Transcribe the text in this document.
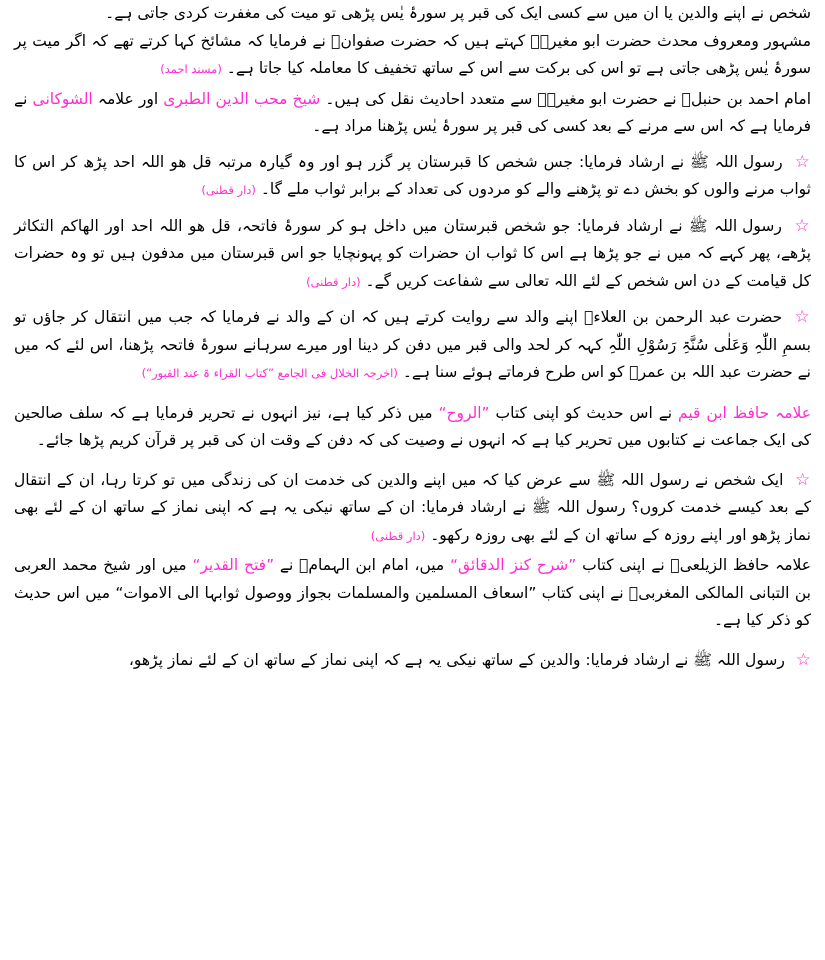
شخص نے اپنے والدین یا ان میں سے کسی ایک کی قبر پر سورۂ یٰس پڑھی تو میت کی مغفرت کردی جاتی ہے۔

مشہور ومعروف محدث حضرت ابو مغیرہؒ کہتے ہیں کہ حضرت صفوانؒ نے فرمایا کہ مشائخ کہا کرتے تھے کہ اگر میت پر سورۂ یٰس پڑھی جاتی ہے تو اس کی برکت سے اس کے ساتھ تخفیف کا معاملہ کیا جاتا ہے۔ (مسند احمد)

امام احمد بن حنبلؒ نے حضرت ابو مغیرہؒ سے متعدد احادیث نقل کی ہیں۔ شیخ محب الدین الطبری اور علامہ الشوکانی نے فرمایا ہے کہ اس سے مرنے کے بعد کسی کی قبر پر سورۂ یٰس پڑھنا مراد ہے۔

☆ رسول اللہ ﷺ نے ارشاد فرمایا: جس شخص کا قبرستان پر گزر ہو اور وہ گیارہ مرتبہ قل ھو اللہ احد پڑھ کر اس کا ثواب مرنے والوں کو بخش دے تو پڑھنے والے کو مردوں کی تعداد کے برابر ثواب ملے گا۔ (دار قطنی)

☆ رسول اللہ ﷺ نے ارشاد فرمایا: جو شخص قبرستان میں داخل ہو کر سورۂ فاتحہ، قل ھو اللہ احد اور الھاکم التکاثر پڑھے، پھر کہے کہ میں نے جو پڑھا ہے اس کا ثواب ان حضرات کو پہونچایا جو اس قبرستان میں مدفون ہیں تو وہ حضرات کل قیامت کے دن اس شخص کے لئے اللہ تعالی سے شفاعت کریں گے۔ (دار قطنی)

☆ حضرت عبد الرحمن بن العلاءؒ اپنے والد سے روایت کرتے ہیں کہ ان کے والد نے فرمایا کہ جب میں انتقال کر جاؤں تو بسمِ اللّٰہِ وَعَلٰی سُنَّۃِ رَسُوْلِ اللّٰہِ کہہ کر لحد والی قبر میں دفن کر دینا اور میرے سرہانے سورۂ فاتحہ پڑھنا، اس لئے کہ میں نے حضرت عبد اللہ بن عمرؓ کو اس طرح فرماتے ہوئے سنا ہے۔ (اخرجہ الخلال فی الجامع ”کتاب القراء ۃ عند القبور“)

علامہ حافظ ابن قیم نے اس حدیث کو اپنی کتاب ”الروح“ میں ذکر کیا ہے، نیز انہوں نے تحریر فرمایا ہے کہ سلف صالحین کی ایک جماعت نے کتابوں میں تحریر کیا ہے کہ انہوں نے وصیت کی کہ دفن کے وقت ان کی قبر پر قرآن کریم پڑھا جائے۔

☆ ایک شخص نے رسول اللہ ﷺ سے عرض کیا کہ میں اپنے والدین کی خدمت ان کی زندگی میں تو کرتا رہا، ان کے انتقال کے بعد کیسے خدمت کروں؟ رسول اللہ ﷺ نے ارشاد فرمایا: ان کے ساتھ نیکی یہ ہے کہ اپنی نماز کے ساتھ ان کے لئے بھی نماز پڑھو اور اپنے روزہ کے ساتھ ان کے لئے بھی روزہ رکھو۔ (دار قطنی)

علامہ حافظ الزیلعیؒ نے اپنی کتاب ”شرح کنز الدقائق“ میں، امام ابن الہمامؒ نے ”فتح القدیر“ میں اور شیخ محمد العربی بن التبانی المالکی المغربیؒ نے اپنی کتاب ”اسعاف المسلمین والمسلمات بجواز ووصول ثوابہا الی الاموات“ میں اس حدیث کو ذکر کیا ہے۔

☆ رسول اللہ ﷺ نے ارشاد فرمایا: والدین کے ساتھ نیکی یہ ہے کہ اپنی نماز کے ساتھ ان کے لئے نماز پڑھو،
